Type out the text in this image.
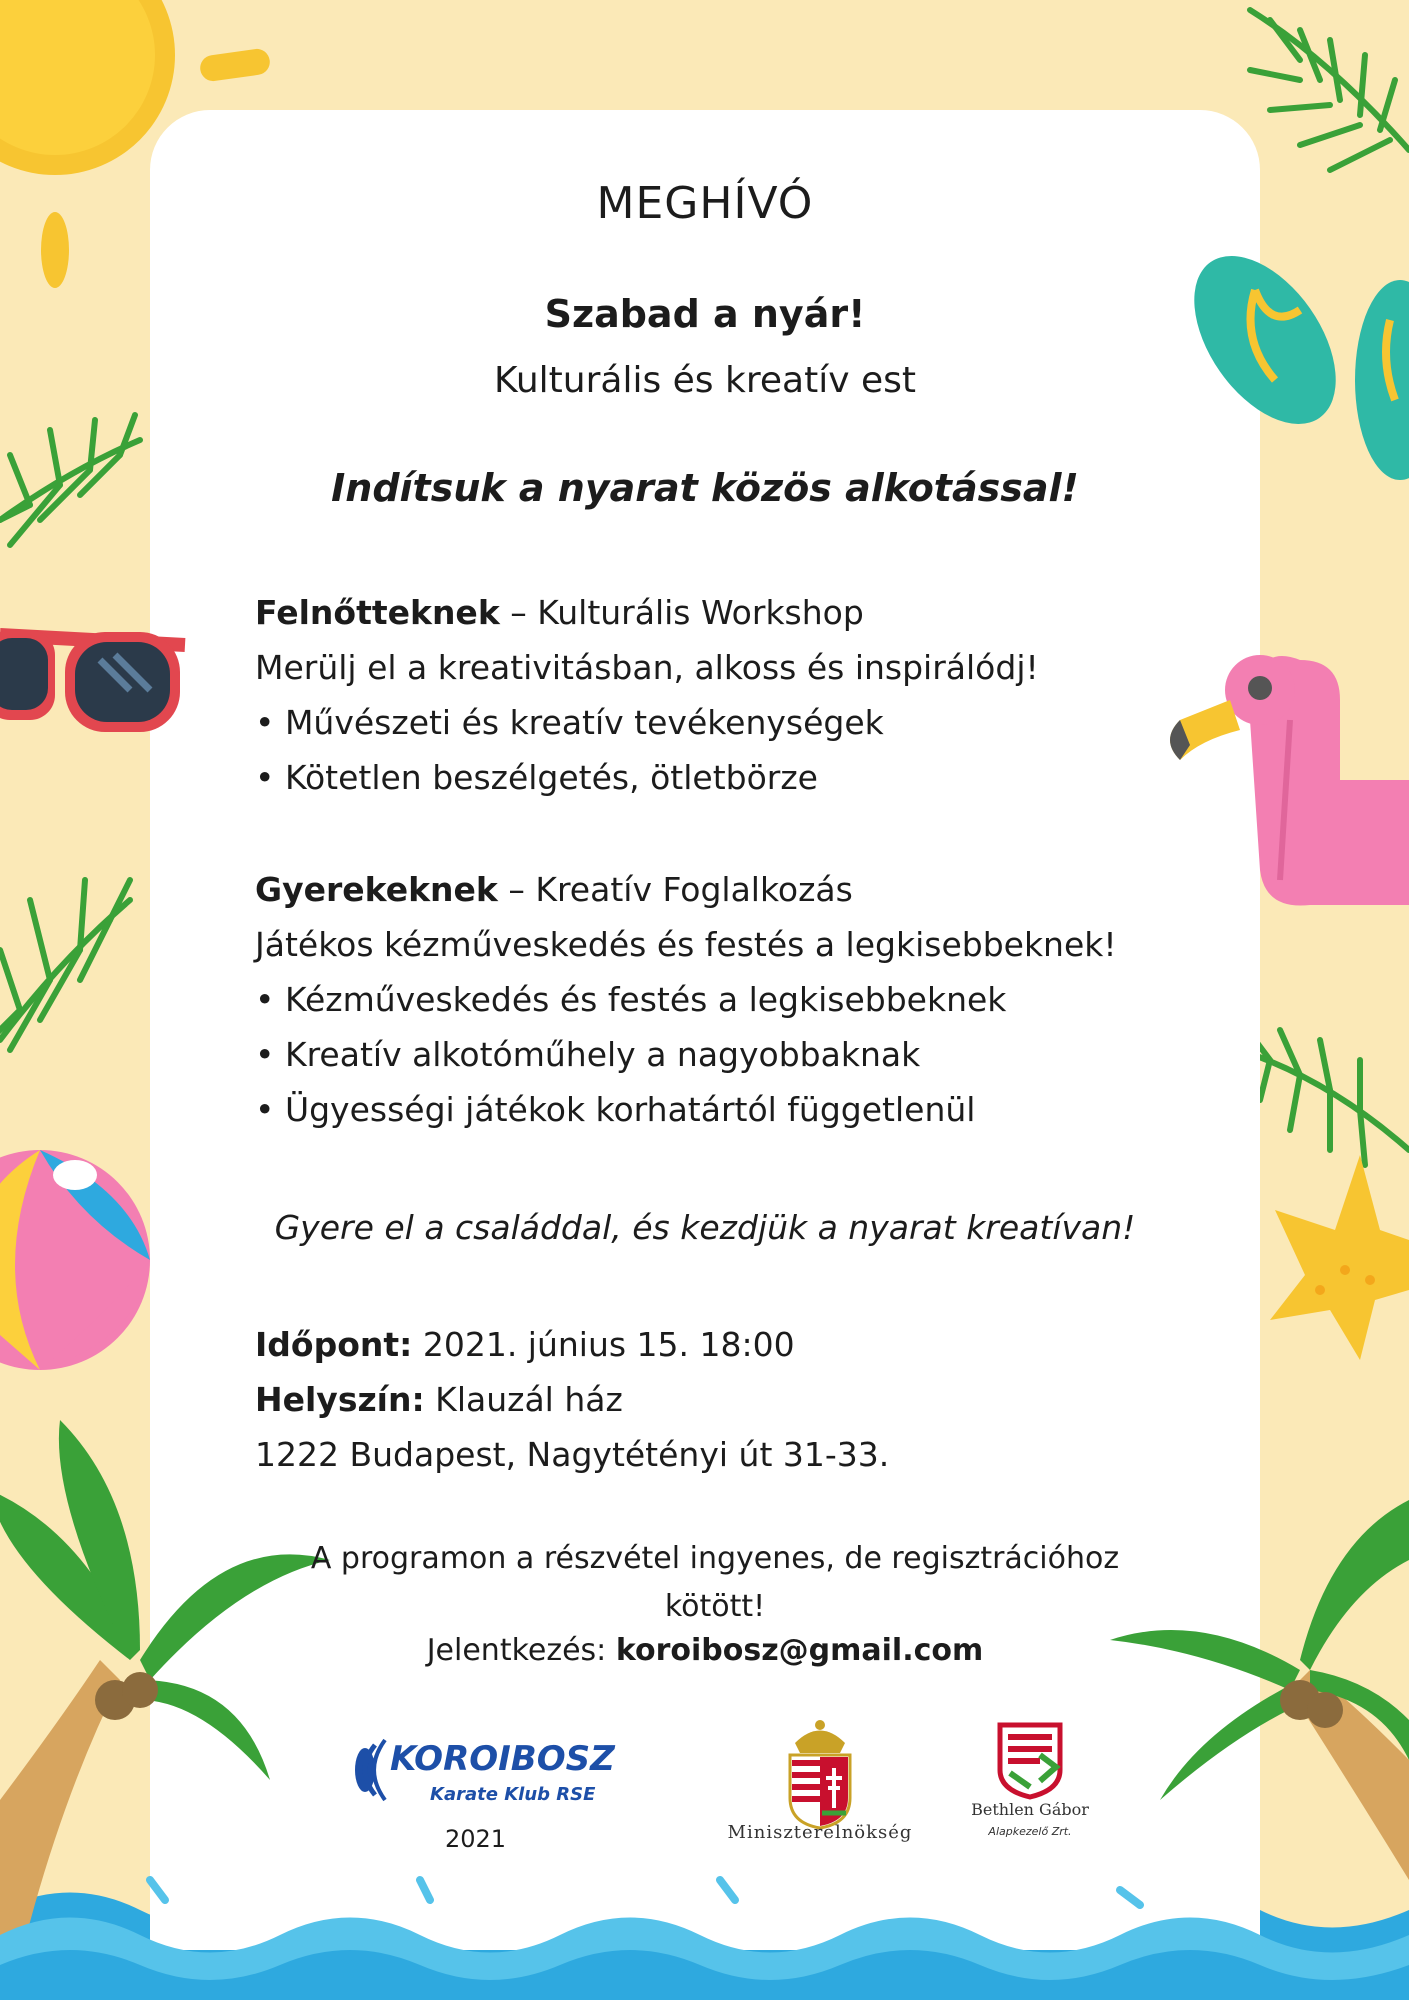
MEGHÍVÓ

Szabad a nyár!

Kulturális és kreatív est

Indítsuk a nyarat közös alkotással!

Felnőtteknek – Kulturális Workshop

Merülj el a kreativitásban, alkoss és inspirálódj!

• Művészeti és kreatív tevékenységek

• Kötetlen beszélgetés, ötletbörze

Gyerekeknek – Kreatív Foglalkozás

Játékos kézműveskedés és festés a legkisebbeknek!

• Kézműveskedés és festés a legkisebbeknek

• Kreatív alkotóműhely a nagyobbaknak

• Ügyességi játékok korhatártól függetlenül

Gyere el a családdal, és kezdjük a nyarat kreatívan!

Időpont: 2021. június 15. 18:00

Helyszín: Klauzál ház

1222 Budapest, Nagytétényi út 31-33.

A programon a részvétel ingyenes, de regisztrációhoz kötött!

Jelentkezés: koroibosz@gmail.com

KOROIBOSZ
Karate Klub RSE

2021	Miniszterelnökség

Bethlen Gábor

Alapkezelő Zrt.
